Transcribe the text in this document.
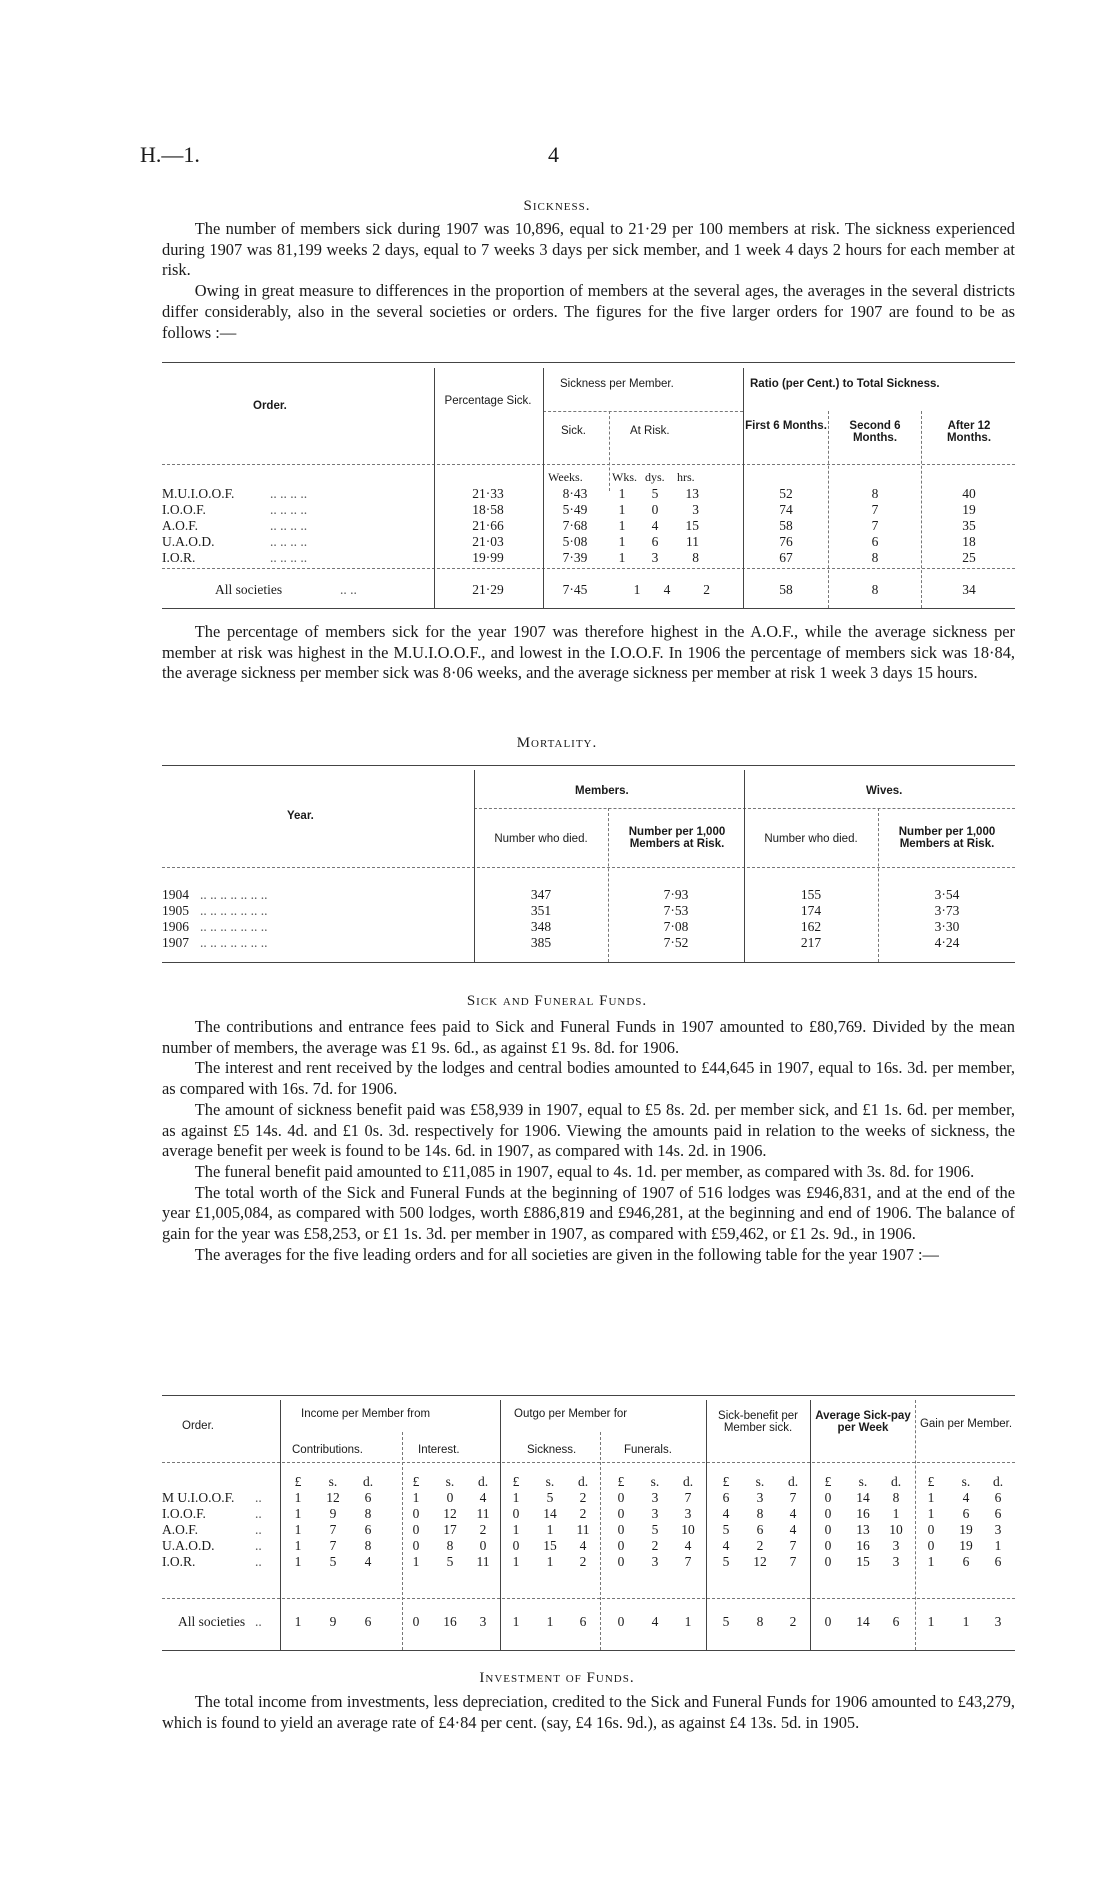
H.—1.	4
Sickness.

The number of members sick during 1907 was 10,896, equal to 21·29 per 100 members at risk. The sickness experienced during 1907 was 81,199 weeks 2 days, equal to 7 weeks 3 days per sick member, and 1 week 4 days 2 hours for each member at risk.

Owing in great measure to differences in the proportion of members at the several ages, the averages in the several districts differ considerably, also in the several societies or orders. The figures for the five larger orders for 1907 are found to be as follows :—

Order.	Percentage Sick.
Sickness per Member.
Sick.	At Risk.
Ratio (per Cent.) to Total Sickness.
First 6 Months.	Second 6 Months.
After 12 Months.
Weeks. Wks. dys. hrs.
M.U.I.O.O.F.	.. .. .. ..	21·33	8·43	1 5	13	52	8	40
I.O.O.F.	.. .. .. ..	18·58	5·49	1 0	3	74	7	19
A.O.F.	.. .. .. ..	21·66	7·68	1 4	15	58	7	35
U.A.O.D.	.. .. .. ..	21·03	5·08	1 6	11	76	6	18
I.O.R.	.. .. .. ..	19·99	7·39	1 3	8	67	8	25
All societies	.. ..	21·29	7·45	1 4	2	58	8	34

The percentage of members sick for the year 1907 was therefore highest in the A.O.F., while the average sickness per member at risk was highest in the M.U.I.O.O.F., and lowest in the I.O.O.F. In 1906 the percentage of members sick was 18·84, the average sickness per member sick was 8·06 weeks, and the average sickness per member at risk 1 week 3 days 15 hours.

Mortality.
Year.
Members.	Wives.
Number who died.
Number per 1,000 Members at Risk.	Number who died.
Number per 1,000 Members at Risk.
1904 .. .. .. .. .. .. ..	347	7·93	155	3·54
1905 .. .. .. .. .. .. ..	351	7·53	174	3·73
1906 .. .. .. .. .. .. ..	348	7·08	162	3·30
1907 .. .. .. .. .. .. ..	385	7·52	217	4·24
Sick and Funeral Funds.

The contributions and entrance fees paid to Sick and Funeral Funds in 1907 amounted to £80,769. Divided by the mean number of members, the average was £1 9s. 6d., as against £1 9s. 8d. for 1906.

The interest and rent received by the lodges and central bodies amounted to £44,645 in 1907, equal to 16s. 3d. per member, as compared with 16s. 7d. for 1906.

The amount of sickness benefit paid was £58,939 in 1907, equal to £5 8s. 2d. per member sick, and £1 1s. 6d. per member, as against £5 14s. 4d. and £1 0s. 3d. respectively for 1906. Viewing the amounts paid in relation to the weeks of sickness, the average benefit per week is found to be 14s. 6d. in 1907, as compared with 14s. 2d. in 1906.

The funeral benefit paid amounted to £11,085 in 1907, equal to 4s. 1d. per member, as compared with 3s. 8d. for 1906.

The total worth of the Sick and Funeral Funds at the beginning of 1907 of 516 lodges was £946,831, and at the end of the year £1,005,084, as compared with 500 lodges, worth £886,819 and £946,281, at the beginning and end of 1906. The balance of gain for the year was £58,253, or £1 1s. 3d. per member in 1907, as compared with £59,462, or £1 2s. 9d., in 1906.

The averages for the five leading orders and for all societies are given in the following table for the year 1907 :—

Order.
Income per Member from
Contributions.	Interest.
Outgo per Member for
Sickness.	Funerals.
Sick-benefit per Member sick.
Average Sick-pay per Week	Gain per Member.
£	s.	d.	£	s.	d. £	s.	d. £	s.	d. £	s.	d. £	s.	d. £	s.	d.
M U.I.O.O.F. ..	1	12	6	1	0	4	1	5	2	0	3	7	6	3	7	0	14	8	1	4	6
I.O.O.F.	..	1	9	8	0	12	11	0	14	2	0	3	3	4	8	4	0	16	1	1	6	6
A.O.F.	..	1	7	6	0	17	2	1	1	11	0	5	10	5	6	4	0	13	10	0	19	3
U.A.O.D.	..	1	7	8	0	8	0	0	15	4	0	2	4	4	2	7	0	16	3	0	19	1
I.O.R.	..	1	5	4	1	5	11	1	1	2	0	3	7	5	12	7	0	15	3	1	6	6
All societies ..	1	9	6	0	16	3	1	1	6	0	4	1	5	8	2	0	14	6	1	1	3
Investment of Funds.

The total income from investments, less depreciation, credited to the Sick and Funeral Funds for 1906 amounted to £43,279, which is found to yield an average rate of £4·84 per cent. (say, £4 16s. 9d.), as against £4 13s. 5d. in 1905.
